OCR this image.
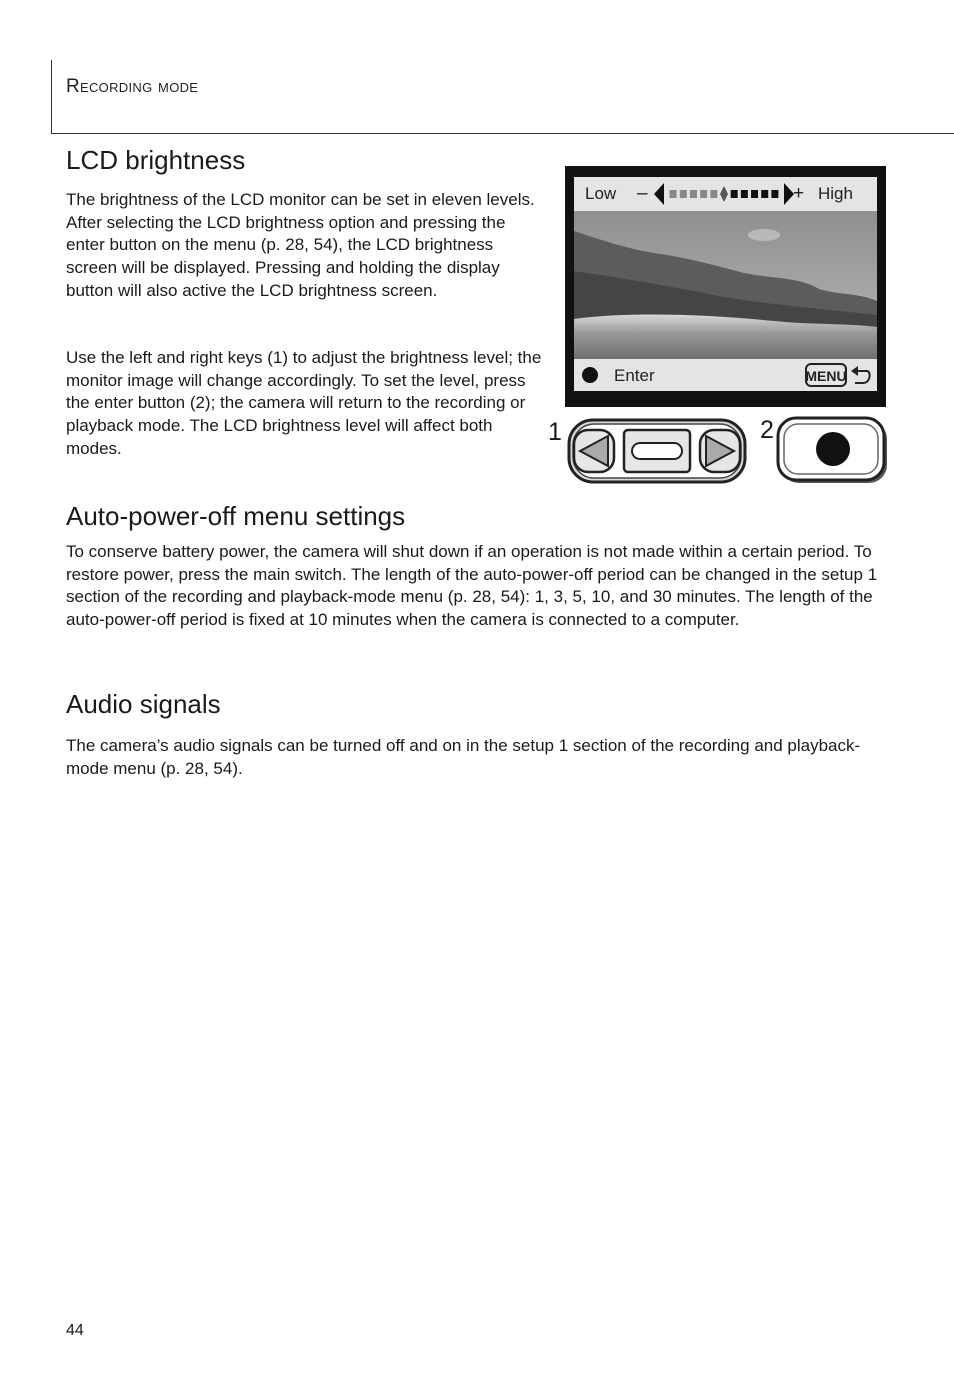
Recording mode
LCD brightness

The brightness of the LCD monitor can be set in eleven levels. After selecting the LCD brightness option and pressing the enter button on the menu (p. 28, 54), the LCD brightness screen will be displayed. Pressing and holding the display button will also active the LCD brightness screen.

Use the left and right keys (1) to adjust the brightness level; the monitor image will change accordingly. To set the level, press the enter button (2); the camera will return to the recording or playback mode. The LCD brightness level will affect both modes.

Low –	+ High
Enter	MENU
1	2
Auto-power-off menu settings

To conserve battery power, the camera will shut down if an operation is not made within a certain period. To restore power, press the main switch. The length of the auto-power-off period can be changed in the setup 1 section of the recording and playback-mode menu (p. 28, 54): 1, 3, 5, 10, and 30 minutes. The length of the auto-power-off period is fixed at 10 minutes when the camera is connected to a computer.

Audio signals

The camera’s audio signals can be turned off and on in the setup 1 section of the recording and playback-mode menu (p. 28, 54).

44
